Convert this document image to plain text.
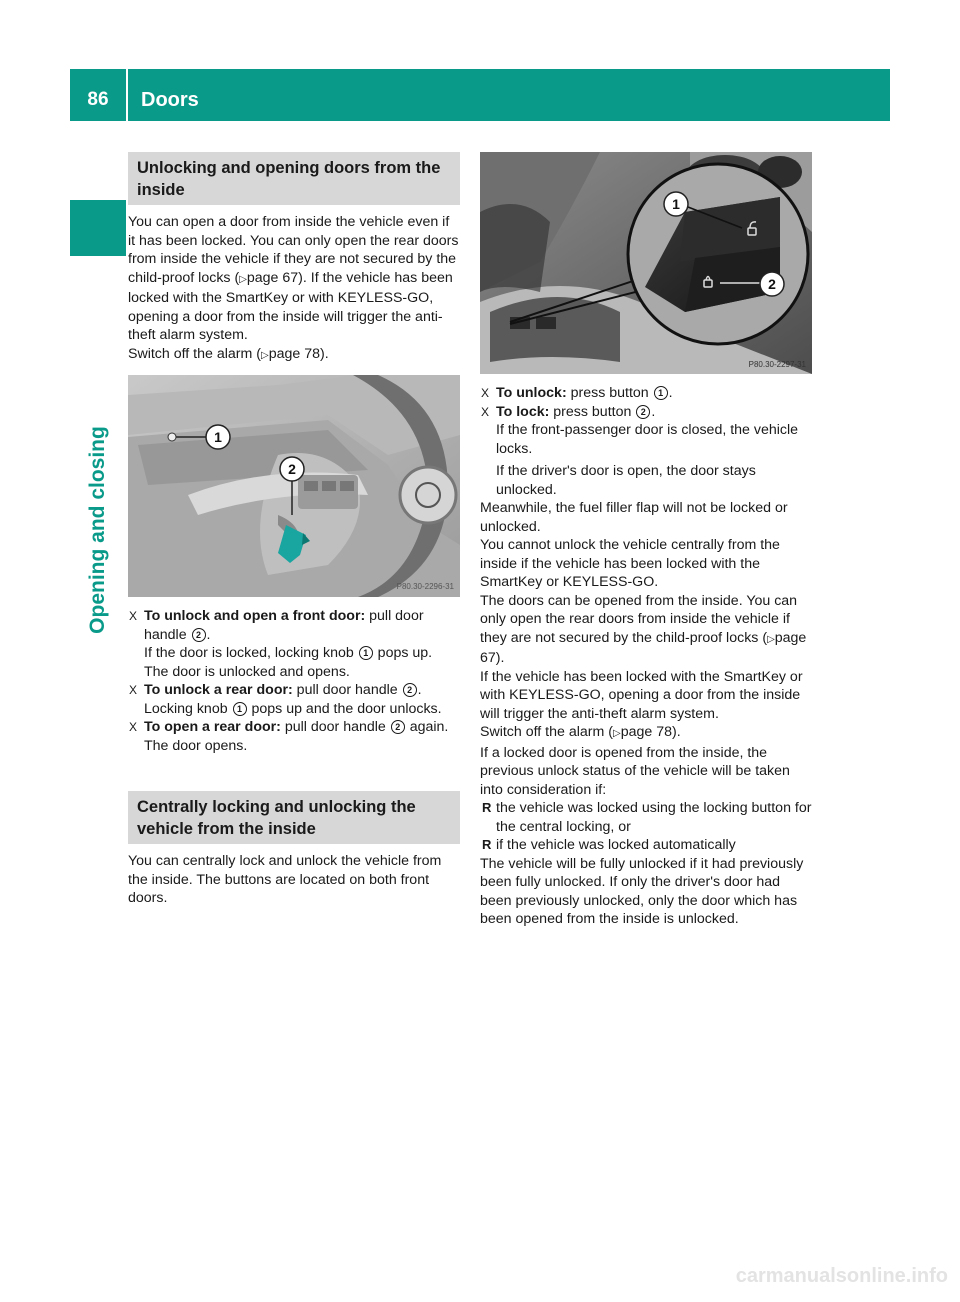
86	Doors
Opening and closing
Unlocking and opening doors from the inside

You can open a door from inside the vehicle even if it has been locked. You can only open the rear doors from inside the vehicle if they are not secured by the child-proof locks (▷page 67). If the vehicle has been locked with the SmartKey or with KEYLESS-GO, opening a door from the inside will trigger the anti-theft alarm system.

Switch off the alarm (▷page 78).

1
2
P80.30-2296-31
X To unlock and open a front door: pull door handle 2 .
If the door is locked, locking knob 1 pops up.
The door is unlocked and opens.
X To unlock a rear door: pull door handle 2 .
Locking knob 1 pops up and the door unlocks.
X To open a rear door: pull door handle 2 again.
The door opens.
Centrally locking and unlocking the vehicle from the inside

You can centrally lock and unlock the vehicle from the inside. The buttons are located on both front doors.

1
2
P80.30-2297-31
X To unlock: press button 1 .
X To lock: press button 2 .
If the front-passenger door is closed, the vehicle locks.
If the driver's door is open, the door stays unlocked.

Meanwhile, the fuel filler flap will not be locked or unlocked.

You cannot unlock the vehicle centrally from the inside if the vehicle has been locked with the SmartKey or KEYLESS-GO.

The doors can be opened from the inside. You can only open the rear doors from inside the vehicle if they are not secured by the child-proof locks (▷page 67).

If the vehicle has been locked with the SmartKey or with KEYLESS-GO, opening a door from the inside will trigger the anti-theft alarm system.

Switch off the alarm (▷page 78).

If a locked door is opened from the inside, the previous unlock status of the vehicle will be taken into consideration if:

R the vehicle was locked using the locking button for the central locking, or
R if the vehicle was locked automatically

The vehicle will be fully unlocked if it had previously been fully unlocked. If only the driver's door had been previously unlocked, only the door which has been opened from the inside is unlocked.

carmanualsonline.info
